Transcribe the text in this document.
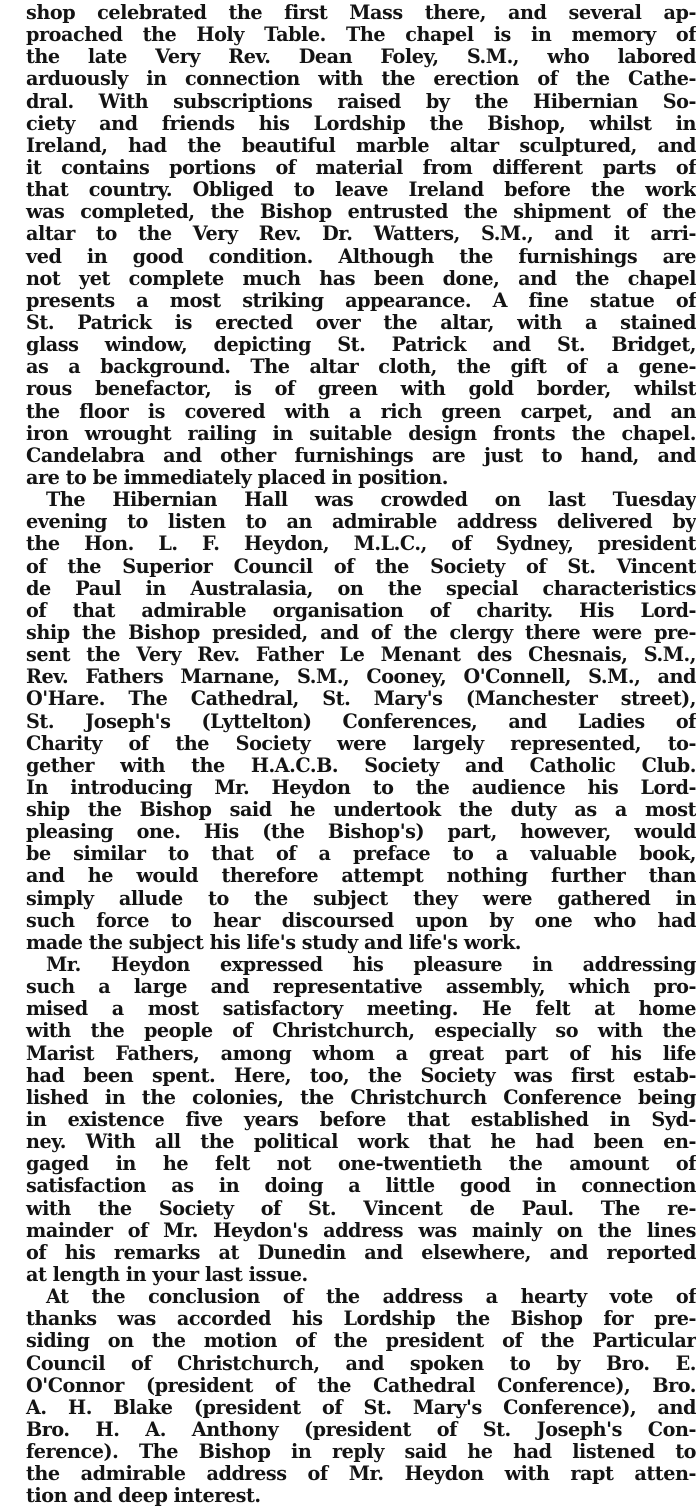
shop celebrated the first Mass there, and several ap-
proached the Holy Table. The chapel is in memory of
the late Very Rev. Dean Foley, S.M., who labored
arduously in connection with the erection of the Cathe-
dral. With subscriptions raised by the Hibernian So-
ciety and friends his Lordship the Bishop, whilst in
Ireland, had the beautiful marble altar sculptured, and
it contains portions of material from different parts of
that country. Obliged to leave Ireland before the work
was completed, the Bishop entrusted the shipment of the
altar to the Very Rev. Dr. Watters, S.M., and it arri-
ved in good condition. Although the furnishings are
not yet complete much has been done, and the chapel
presents a most striking appearance. A fine statue of
St. Patrick is erected over the altar, with a stained
glass window, depicting St. Patrick and St. Bridget,
as a background. The altar cloth, the gift of a gene-
rous benefactor, is of green with gold border, whilst
the floor is covered with a rich green carpet, and an
iron wrought railing in suitable design fronts the chapel.
Candelabra and other furnishings are just to hand, and
are to be immediately placed in position.

The Hibernian Hall was crowded on last Tuesday
evening to listen to an admirable address delivered by
the Hon. L. F. Heydon, M.L.C., of Sydney, president
of the Superior Council of the Society of St. Vincent
de Paul in Australasia, on the special characteristics
of that admirable organisation of charity. His Lord-
ship the Bishop presided, and of the clergy there were pre-
sent the Very Rev. Father Le Menant des Chesnais, S.M.,
Rev. Fathers Marnane, S.M., Cooney, O'Connell, S.M., and
O'Hare. The Cathedral, St. Mary's (Manchester street),
St. Joseph's (Lyttelton) Conferences, and Ladies of
Charity of the Society were largely represented, to-
gether with the H.A.C.B. Society and Catholic Club.
In introducing Mr. Heydon to the audience his Lord-
ship the Bishop said he undertook the duty as a most
pleasing one. His (the Bishop's) part, however, would
be similar to that of a preface to a valuable book,
and he would therefore attempt nothing further than
simply allude to the subject they were gathered in
such force to hear discoursed upon by one who had
made the subject his life's study and life's work.

Mr. Heydon expressed his pleasure in addressing
such a large and representative assembly, which pro-
mised a most satisfactory meeting. He felt at home
with the people of Christchurch, especially so with the
Marist Fathers, among whom a great part of his life
had been spent. Here, too, the Society was first estab-
lished in the colonies, the Christchurch Conference being
in existence five years before that established in Syd-
ney. With all the political work that he had been en-
gaged in he felt not one-twentieth the amount of
satisfaction as in doing a little good in connection
with the Society of St. Vincent de Paul. The re-
mainder of Mr. Heydon's address was mainly on the lines
of his remarks at Dunedin and elsewhere, and reported
at length in your last issue.

At the conclusion of the address a hearty vote of
thanks was accorded his Lordship the Bishop for pre-
siding on the motion of the president of the Particular
Council of Christchurch, and spoken to by Bro. E.
O'Connor (president of the Cathedral Conference), Bro.
A. H. Blake (president of St. Mary's Conference), and
Bro. H. A. Anthony (president of St. Joseph's Con-
ference). The Bishop in reply said he had listened to
the admirable address of Mr. Heydon with rapt atten-
tion and deep interest.
